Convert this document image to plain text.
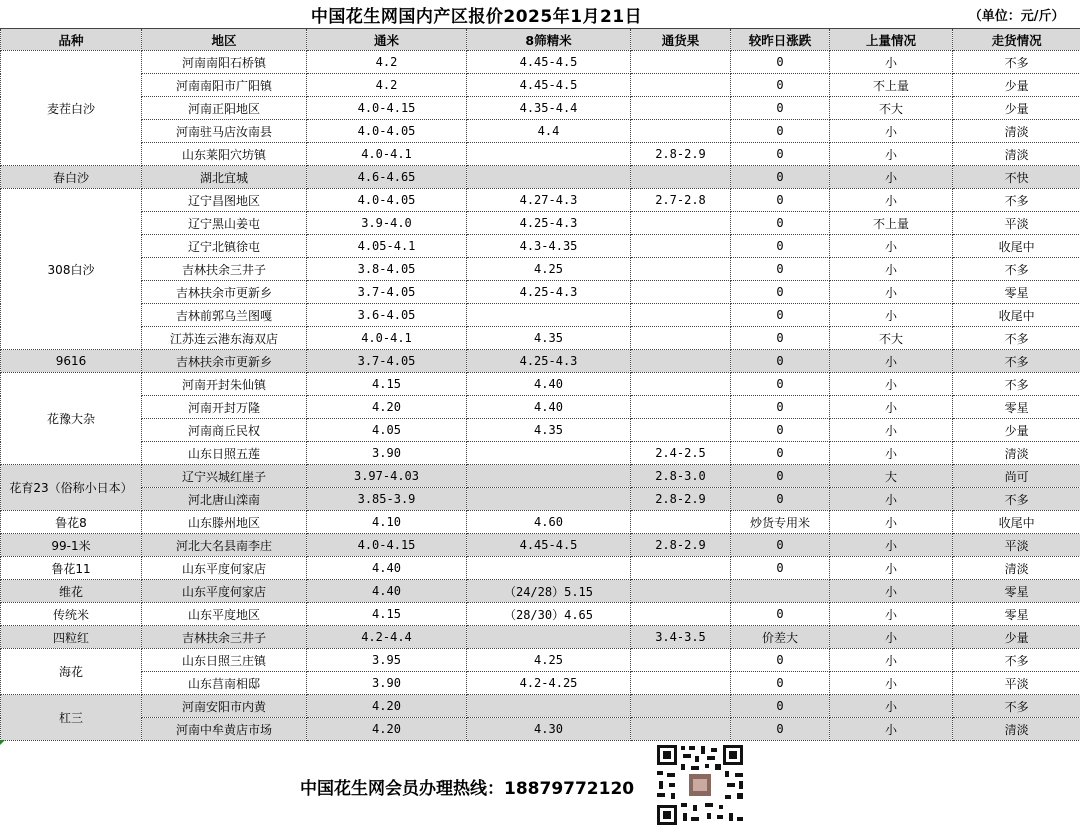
中国花生网国内产区报价2025年1月21日							（单位：元/斤）
品种	地区	通米	8筛精米	通货果	较昨日涨跌	上量情况	走货情况
麦茬白沙	河南南阳石桥镇	4.2	4.45-4.5		0	小	不多
	河南南阳市广阳镇	4.2	4.45-4.5		0	不上量	少量
	河南正阳地区	4.0-4.15	4.35-4.4		0	不大	少量
	河南驻马店汝南县	4.0-4.05	4.4		0	小	清淡
	山东莱阳穴坊镇	4.0-4.1		2.8-2.9	0	小	清淡
春白沙	湖北宜城	4.6-4.65			0	小	不快
308白沙	辽宁昌图地区	4.0-4.05	4.27-4.3	2.7-2.8	0	小	不多
	辽宁黑山姜屯	3.9-4.0	4.25-4.3		0	不上量	平淡
	辽宁北镇徐屯	4.05-4.1	4.3-4.35		0	小	收尾中
	吉林扶余三井子	3.8-4.05	4.25		0	小	不多
	吉林扶余市更新乡	3.7-4.05	4.25-4.3		0	小	零星
	吉林前郭乌兰图嘎	3.6-4.05			0	小	收尾中
	江苏连云港东海双店	4.0-4.1	4.35		0	不大	不多
9616	吉林扶余市更新乡	3.7-4.05	4.25-4.3		0	小	不多
花豫大杂	河南开封朱仙镇	4.15	4.40		0	小	不多
	河南开封万隆	4.20	4.40		0	小	零星
	河南商丘民权	4.05	4.35		0	小	少量
	山东日照五莲	3.90		2.4-2.5	0	小	清淡
花育23（俗称小日本）	辽宁兴城红崖子	3.97-4.03		2.8-3.0	0	大	尚可
	河北唐山滦南	3.85-3.9		2.8-2.9	0	小	不多
鲁花8	山东滕州地区	4.10	4.60		炒货专用米	小	收尾中
99-1米	河北大名县南李庄	4.0-4.15	4.45-4.5	2.8-2.9	0	小	平淡
鲁花11	山东平度何家店	4.40			0	小	清淡
维花	山东平度何家店	4.40	（24/28）5.15			小	零星
传统米	山东平度地区	4.15	（28/30）4.65		0	小	零星
四粒红	吉林扶余三井子	4.2-4.4		3.4-3.5	价差大	小	少量
海花	山东日照三庄镇	3.95	4.25		0	小	不多
	山东莒南相邸	3.90	4.2-4.25		0	小	平淡
杠三	河南安阳市内黄	4.20			0	小	不多
	河南中牟黄店市场	4.20	4.30		0	小	清淡
中国花生网会员办理热线：18879772120
